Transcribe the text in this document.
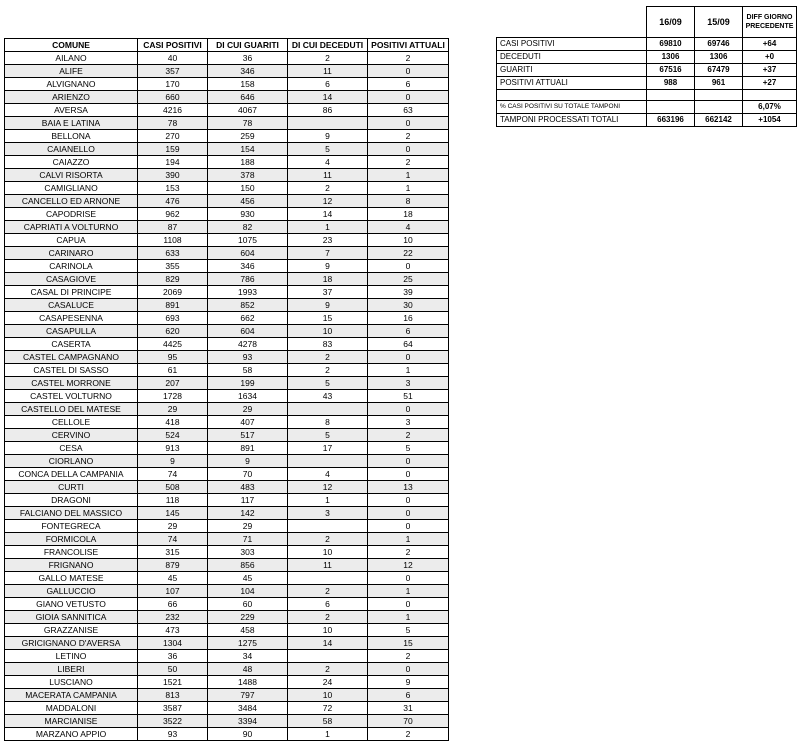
COMUNE	CASI POSITIVI	DI CUI GUARITI	DI CUI DECEDUTI	POSITIVI ATTUALI
AILANO	40	36	2	2
ALIFE	357	346	11	0
ALVIGNANO	170	158	6	6
ARIENZO	660	646	14	0
AVERSA	4216	4067	86	63
BAIA E LATINA	78	78		0
BELLONA	270	259	9	2
CAIANELLO	159	154	5	0
CAIAZZO	194	188	4	2
CALVI RISORTA	390	378	11	1
CAMIGLIANO	153	150	2	1
CANCELLO ED ARNONE	476	456	12	8
CAPODRISE	962	930	14	18
CAPRIATI A VOLTURNO	87	82	1	4
CAPUA	1108	1075	23	10
CARINARO	633	604	7	22
CARINOLA	355	346	9	0
CASAGIOVE	829	786	18	25
CASAL DI PRINCIPE	2069	1993	37	39
CASALUCE	891	852	9	30
CASAPESENNA	693	662	15	16
CASAPULLA	620	604	10	6
CASERTA	4425	4278	83	64
CASTEL CAMPAGNANO	95	93	2	0
CASTEL DI SASSO	61	58	2	1
CASTEL MORRONE	207	199	5	3
CASTEL VOLTURNO	1728	1634	43	51
CASTELLO DEL MATESE	29	29		0
CELLOLE	418	407	8	3
CERVINO	524	517	5	2
CESA	913	891	17	5
CIORLANO	9	9		0
CONCA DELLA CAMPANIA	74	70	4	0
CURTI	508	483	12	13
DRAGONI	118	117	1	0
FALCIANO DEL MASSICO	145	142	3	0
FONTEGRECA	29	29		0
FORMICOLA	74	71	2	1
FRANCOLISE	315	303	10	2
FRIGNANO	879	856	11	12
GALLO MATESE	45	45		0
GALLUCCIO	107	104	2	1
GIANO VETUSTO	66	60	6	0
GIOIA SANNITICA	232	229	2	1
GRAZZANISE	473	458	10	5
GRICIGNANO D'AVERSA	1304	1275	14	15
LETINO	36	34		2
LIBERI	50	48	2	0
LUSCIANO	1521	1488	24	9
MACERATA CAMPANIA	813	797	10	6
MADDALONI	3587	3484	72	31
MARCIANISE	3522	3394	58	70
MARZANO APPIO	93	90	1	2
	16/09	15/09	DIFF GIORNO PRECEDENTE
CASI POSITIVI	69810	69746	+64
DECEDUTI	1306	1306	+0
GUARITI	67516	67479	+37
POSITIVI ATTUALI	988	961	+27

% CASI POSITIVI SU TOTALE TAMPONI			6,07%
TAMPONI PROCESSATI TOTALI	663196	662142	+1054
